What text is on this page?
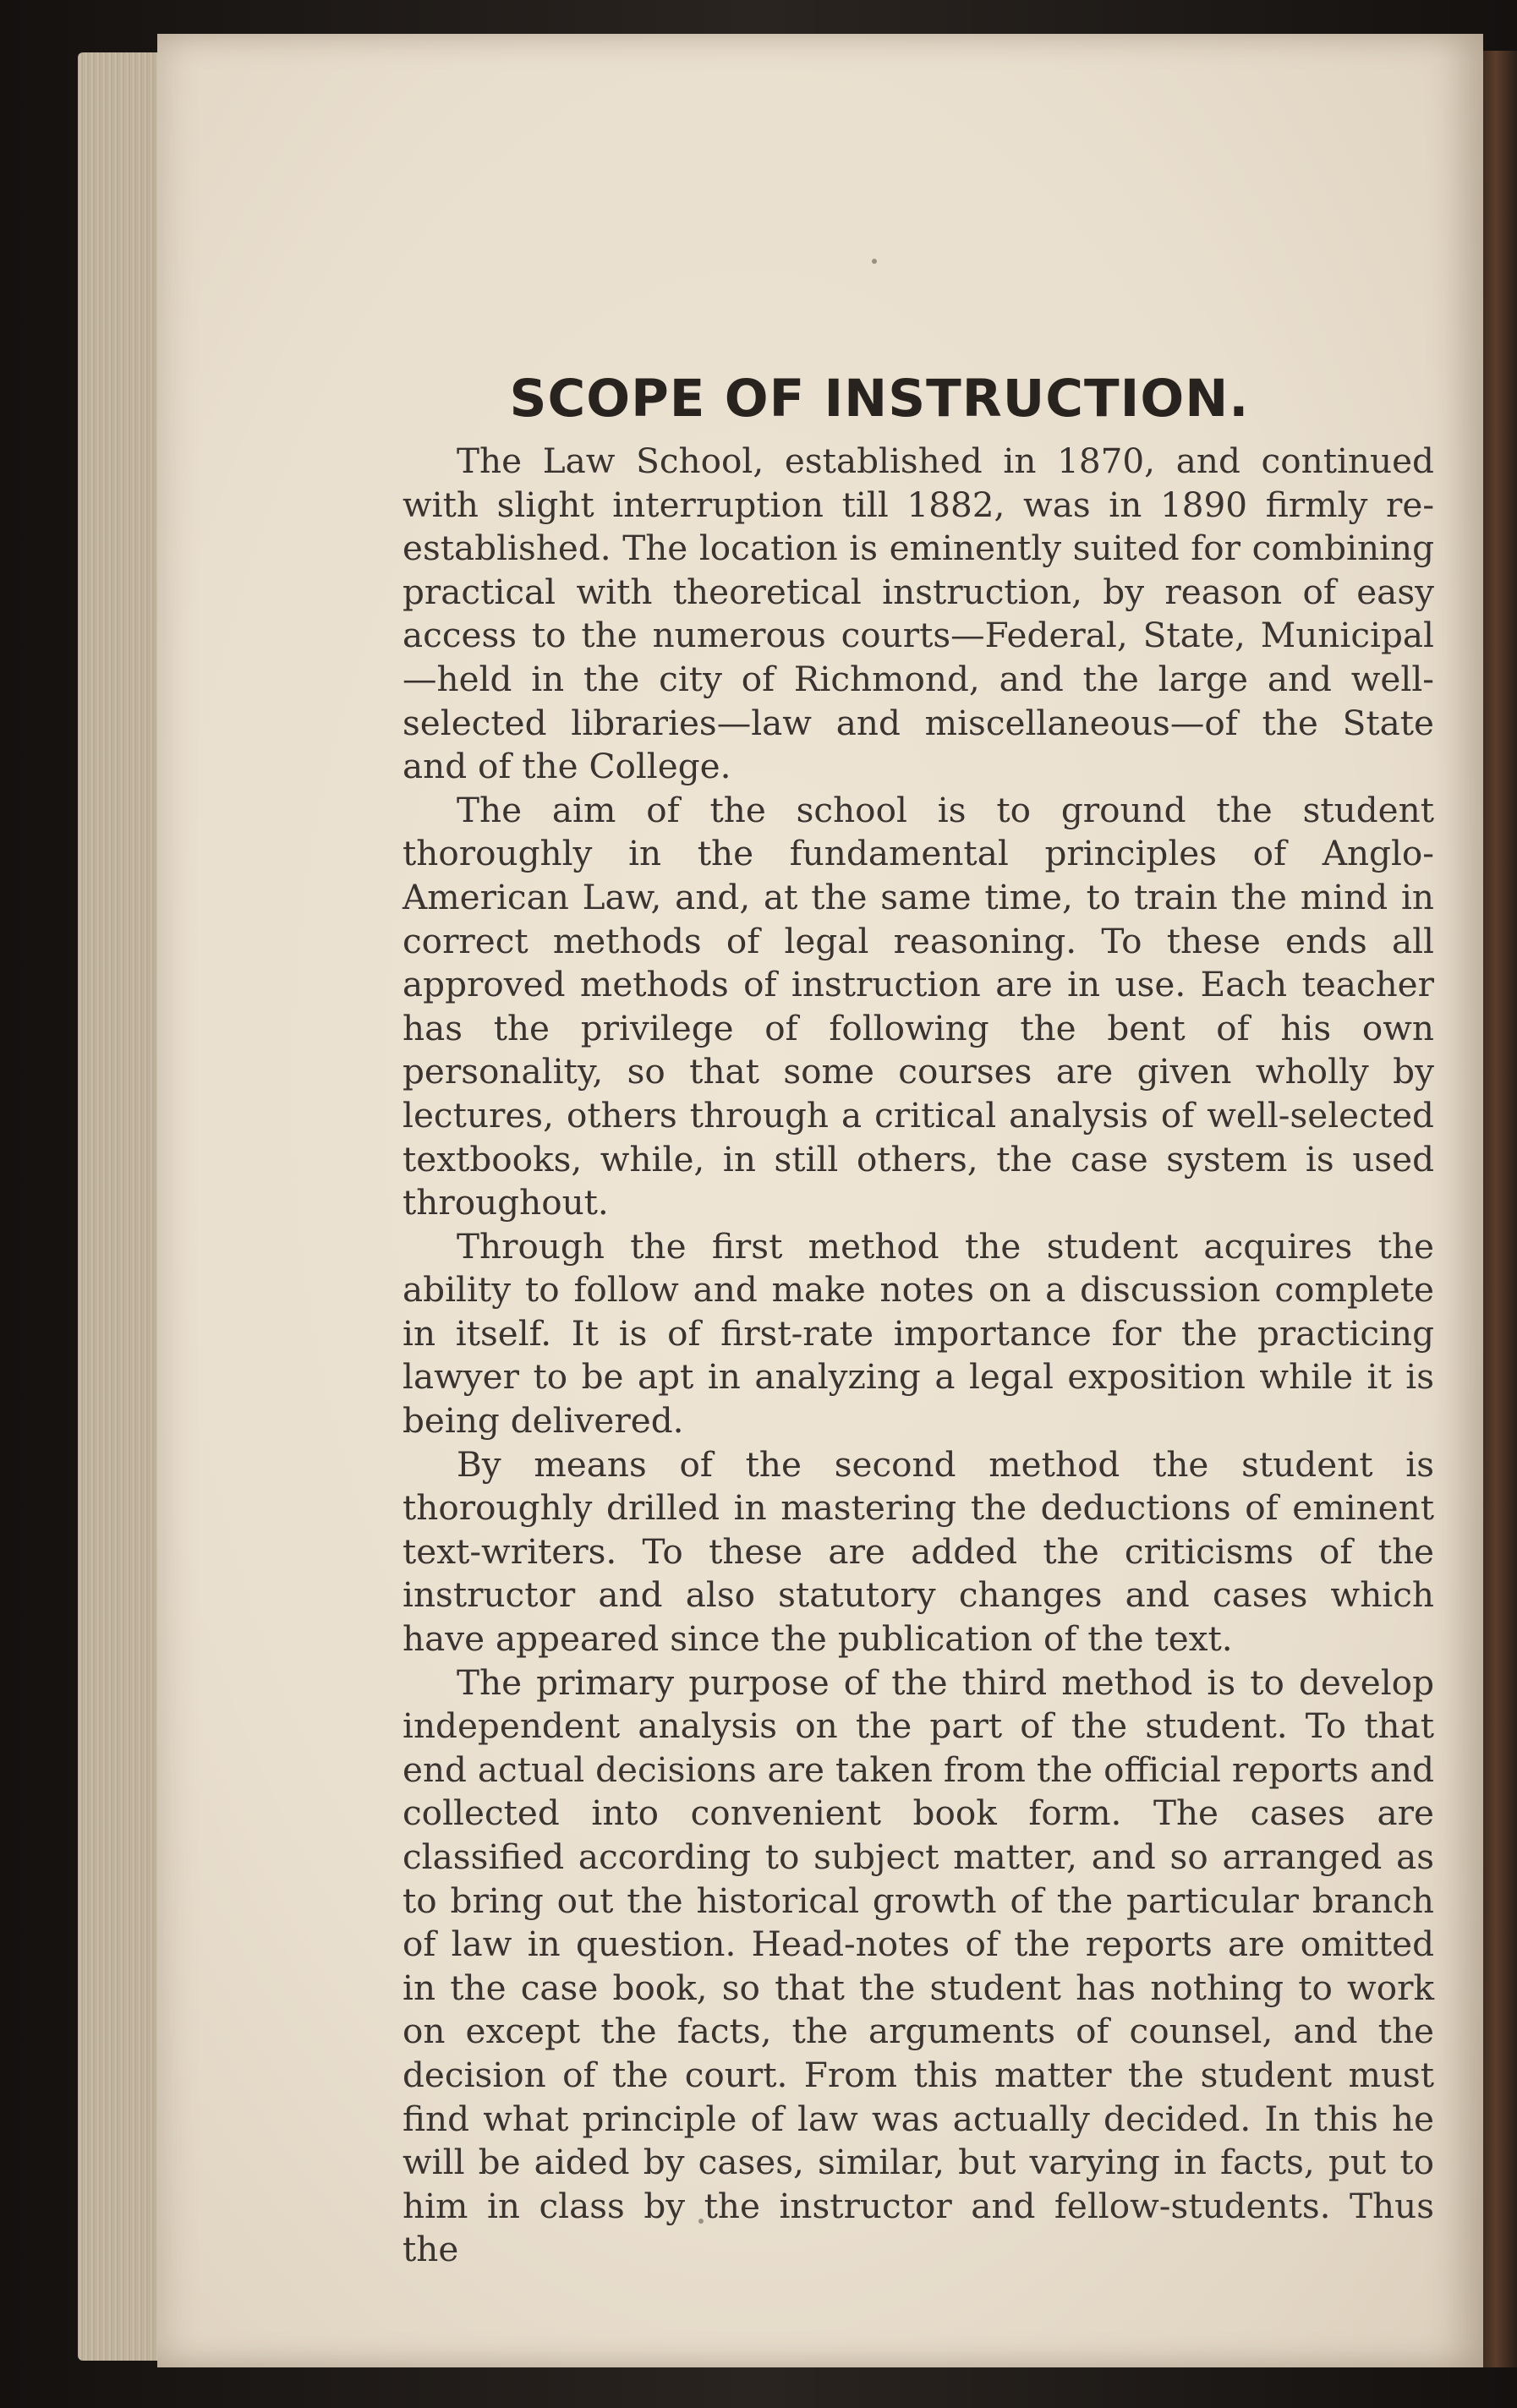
SCOPE OF INSTRUCTION.

The Law School, established in 1870, and continued with slight interruption till 1882, was in 1890 firmly re-established. The location is eminently suited for combining practical with theoretical instruction, by reason of easy access to the numerous courts—Federal, State, Municipal—held in the city of Richmond, and the large and well-selected libraries—law and miscellaneous—of the State and of the College.

The aim of the school is to ground the student thoroughly in the fundamental principles of Anglo-American Law, and, at the same time, to train the mind in correct methods of legal reasoning. To these ends all approved methods of instruction are in use. Each teacher has the privilege of following the bent of his own personality, so that some courses are given wholly by lectures, others through a critical analysis of well-selected textbooks, while, in still others, the case system is used throughout.

Through the first method the student acquires the ability to follow and make notes on a discussion complete in itself. It is of first-rate importance for the practicing lawyer to be apt in analyzing a legal exposition while it is being delivered.

By means of the second method the student is thoroughly drilled in mastering the deductions of eminent text-writers. To these are added the criticisms of the instructor and also statutory changes and cases which have appeared since the publication of the text.

The primary purpose of the third method is to develop independent analysis on the part of the student. To that end actual decisions are taken from the official reports and collected into convenient book form. The cases are classified according to subject matter, and so arranged as to bring out the historical growth of the particular branch of law in question. Head-notes of the reports are omitted in the case book, so that the student has nothing to work on except the facts, the arguments of counsel, and the decision of the court. From this matter the student must find what principle of law was actually decided. In this he will be aided by cases, similar, but varying in facts, put to him in class by the instructor and fellow-students. Thus the
